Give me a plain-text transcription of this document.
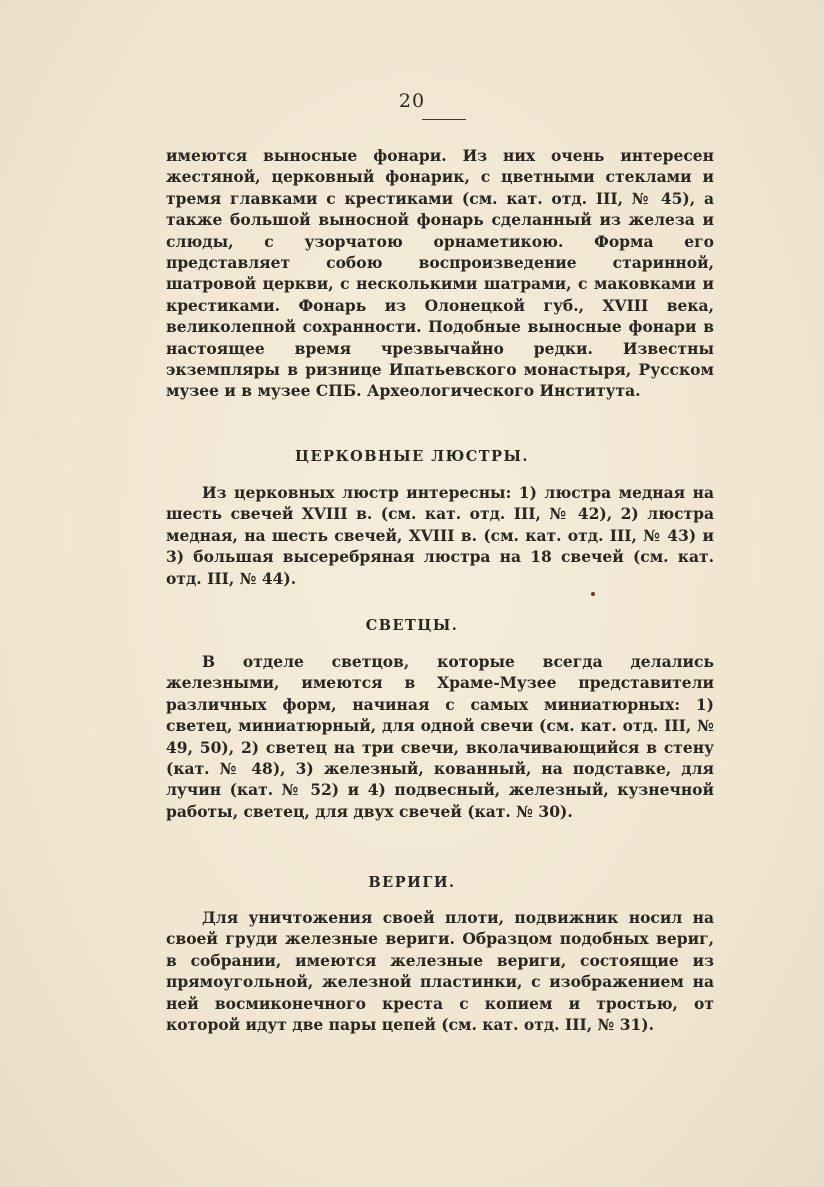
20

имеются выносные фонари. Из них очень интересен жестяной, церковный фонарик, с цветными стеклами и тремя главками с крестиками (см. кат. отд. III, № 45), а также большой выносной фонарь сделанный из железа и слюды, с узорчатою орнаметикою. Форма его представляет собою воспроизведение старинной, шатровой церкви, с несколькими шатрами, с маковками и крестиками. Фонарь из Олонецкой губ., XVIII века, великолепной сохранности. Подобные выносные фонари в настоящее время чрезвычайно редки. Известны экземпляры в ризнице Ипатьевского монастыря, Русском музее и в музее СПБ. Археологического Института.

ЦЕРКОВНЫЕ ЛЮСТРЫ.

Из церковных люстр интересны: 1) люстра медная на шесть свечей XVIII в. (см. кат. отд. III, № 42), 2) люстра медная, на шесть свечей, XVIII в. (см. кат. отд. III, № 43) и 3) большая высеребряная люстра на 18 свечей (см. кат. отд. III, № 44).

СВЕТЦЫ.

В отделе светцов, которые всегда делались железными, имеются в Храме-Музее представители различных форм, начиная с самых миниатюрных: 1) светец, миниатюрный, для одной свечи (см. кат. отд. III, № 49, 50), 2) светец на три свечи, вколачивающийся в стену (кат. № 48), 3) железный, кованный, на подставке, для лучин (кат. № 52) и 4) подвесный, железный, кузнечной работы, светец, для двух свечей (кат. № 30).

ВЕРИГИ.

Для уничтожения своей плоти, подвижник носил на своей груди железные вериги. Образцом подобных вериг, в собрании, имеются железные вериги, состоящие из прямоугольной, железной пластинки, с изображением на ней восмиконечного креста с копием и тростью, от которой идут две пары цепей (см. кат. отд. III, № 31).
